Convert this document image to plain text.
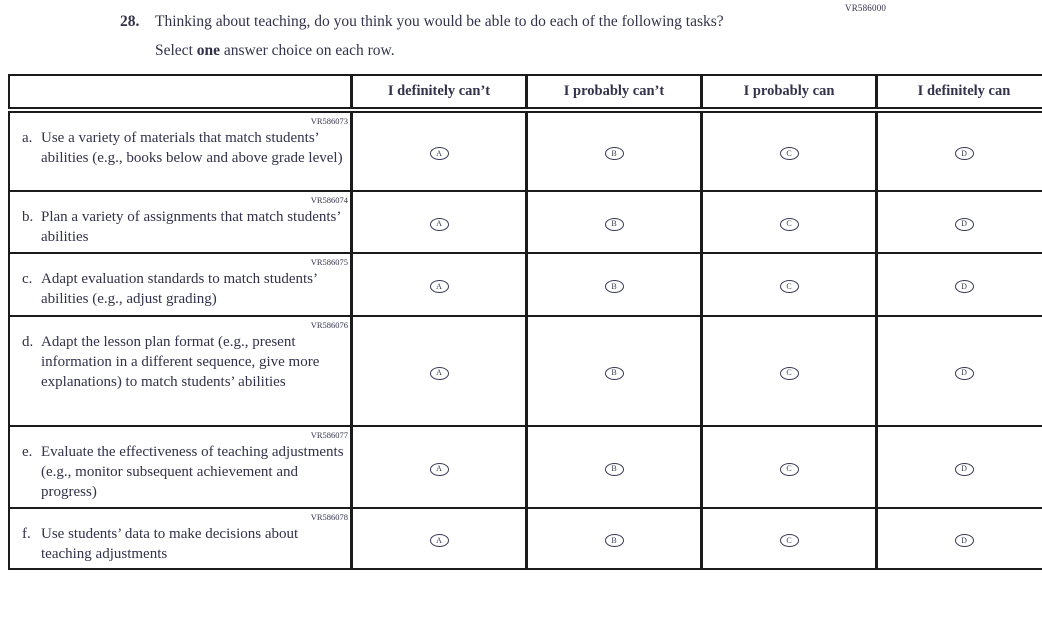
VR586000
28.	Thinking about teaching, do you think you would be able to do each of the following tasks?

Select one answer choice on each row.

	I definitely can’t	I probably can’t	I probably can	I definitely can

VR586073
a. Use a variety of materials that match students’ abilities (e.g., books below and above grade level)	A	B	C	D

VR586074
b. Plan a variety of assignments that match students’ abilities	A	B	C	D

VR586075
c. Adapt evaluation standards to match students’ abilities (e.g., adjust grading)	A	B	C	D

VR586076
d. Adapt the lesson plan format (e.g., present information in a different sequence, give more explanations) to match students’ abilities	A	B	C	D

VR586077
e. Evaluate the effectiveness of teaching adjustments (e.g., monitor subsequent achievement and progress)	A	B	C	D

VR586078
f. Use students’ data to make decisions about teaching adjustments	A	B	C	D
